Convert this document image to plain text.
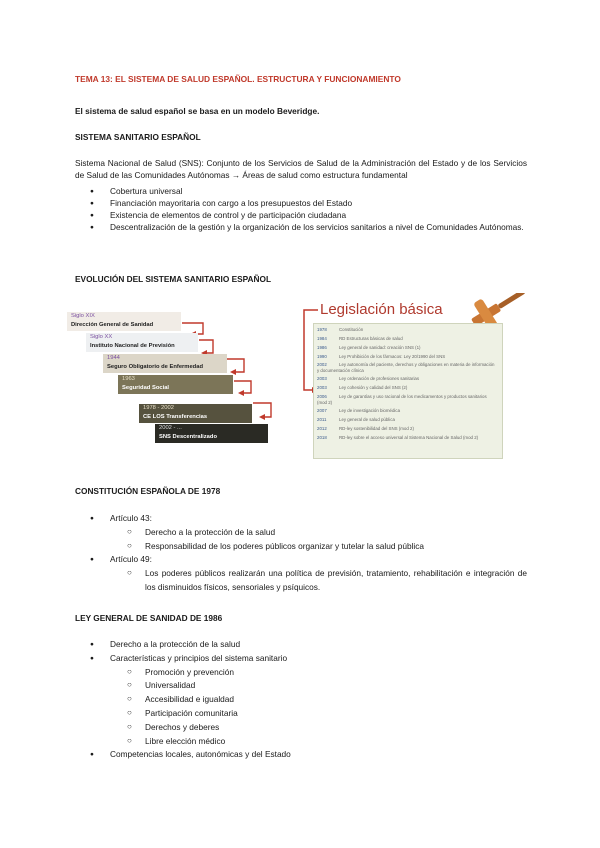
TEMA 13: EL SISTEMA DE SALUD ESPAÑOL. ESTRUCTURA Y FUNCIONAMIENTO
El sistema de salud español se basa en un modelo Beveridge.
SISTEMA SANITARIO ESPAÑOL
Sistema Nacional de Salud (SNS): Conjunto de los Servicios de Salud de la Administración del Estado y de los Servicios de Salud de las Comunidades Autónomas → Áreas de salud como estructura fundamental
● Cobertura universal
● Financiación mayoritaria con cargo a los presupuestos del Estado
● Existencia de elementos de control y de participación ciudadana
● Descentralización de la gestión y la organización de los servicios sanitarios a nivel de Comunidades Autónomas.
EVOLUCIÓN DEL SISTEMA SANITARIO ESPAÑOL
Siglo XIX
Dirección General de Sanidad
Siglo XX
Instituto Nacional de Previsión
1944
Seguro Obligatorio de Enfermedad
1963
Seguridad Social
1978 - 2002
CE LOS Transferencias
2002 - ...
SNS Descentralizado
Legislación básica
1978	Constitución
1984	RD Estructuras básicas de salud
1986	Ley general de sanidad: creación SNS (1)
1990	Ley Prohibición de los fármacos: Ley 20/1990 del SNS
2002	Ley autonomía del paciente, derechos y obligaciones en materia de información y documentación clínica
2003	Ley ordenación de profesiones sanitarias
2003	Ley cohesión y calidad del SNS (2)
2006	Ley de garantías y uso racional de los medicamentos y productos sanitarios (mod 2)
2007	Ley de investigación biomédica
2011	Ley general de salud pública
2012	RD-ley sostenibilidad del SNS (mod 2)
2018	RD-ley sobre el acceso universal al Sistema Nacional de Salud (mod 2)
CONSTITUCIÓN ESPAÑOLA DE 1978
● Artículo 43:
○ Derecho a la protección de la salud
○ Responsabilidad de los poderes públicos organizar y tutelar la salud pública
● Artículo 49:
○ Los poderes públicos realizarán una política de previsión, tratamiento, rehabilitación e integración de los disminuidos físicos, sensoriales y psíquicos.
LEY GENERAL DE SANIDAD DE 1986
● Derecho a la protección de la salud
● Características y principios del sistema sanitario
○ Promoción y prevención
○ Universalidad
○ Accesibilidad e igualdad
○ Participación comunitaria
○ Derechos y deberes
○ Libre elección médico
● Competencias locales, autonómicas y del Estado
